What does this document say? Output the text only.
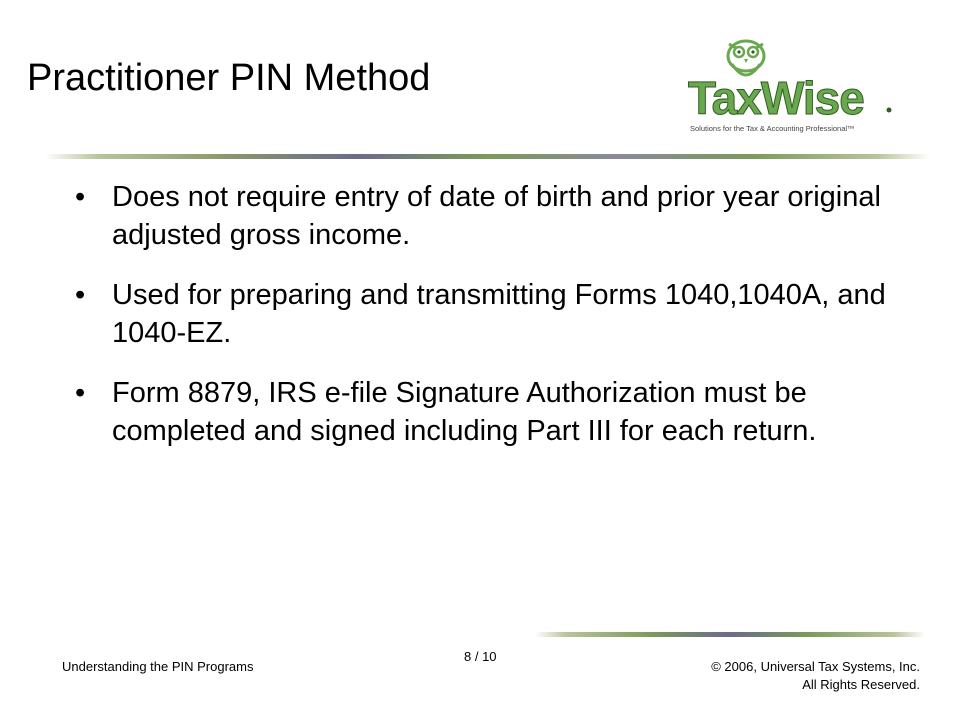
Practitioner PIN Method	TaxWise
Solutions for the Tax & Accounting Professional™
• Does not require entry of date of birth and prior year original adjusted gross income.
• Used for preparing and transmitting Forms 1040,1040A, and 1040-EZ.
• Form 8879, IRS e-file Signature Authorization must be completed and signed including Part III for each return.
Understanding the PIN Programs
8 / 10
© 2006, Universal Tax Systems, Inc.
All Rights Reserved.
